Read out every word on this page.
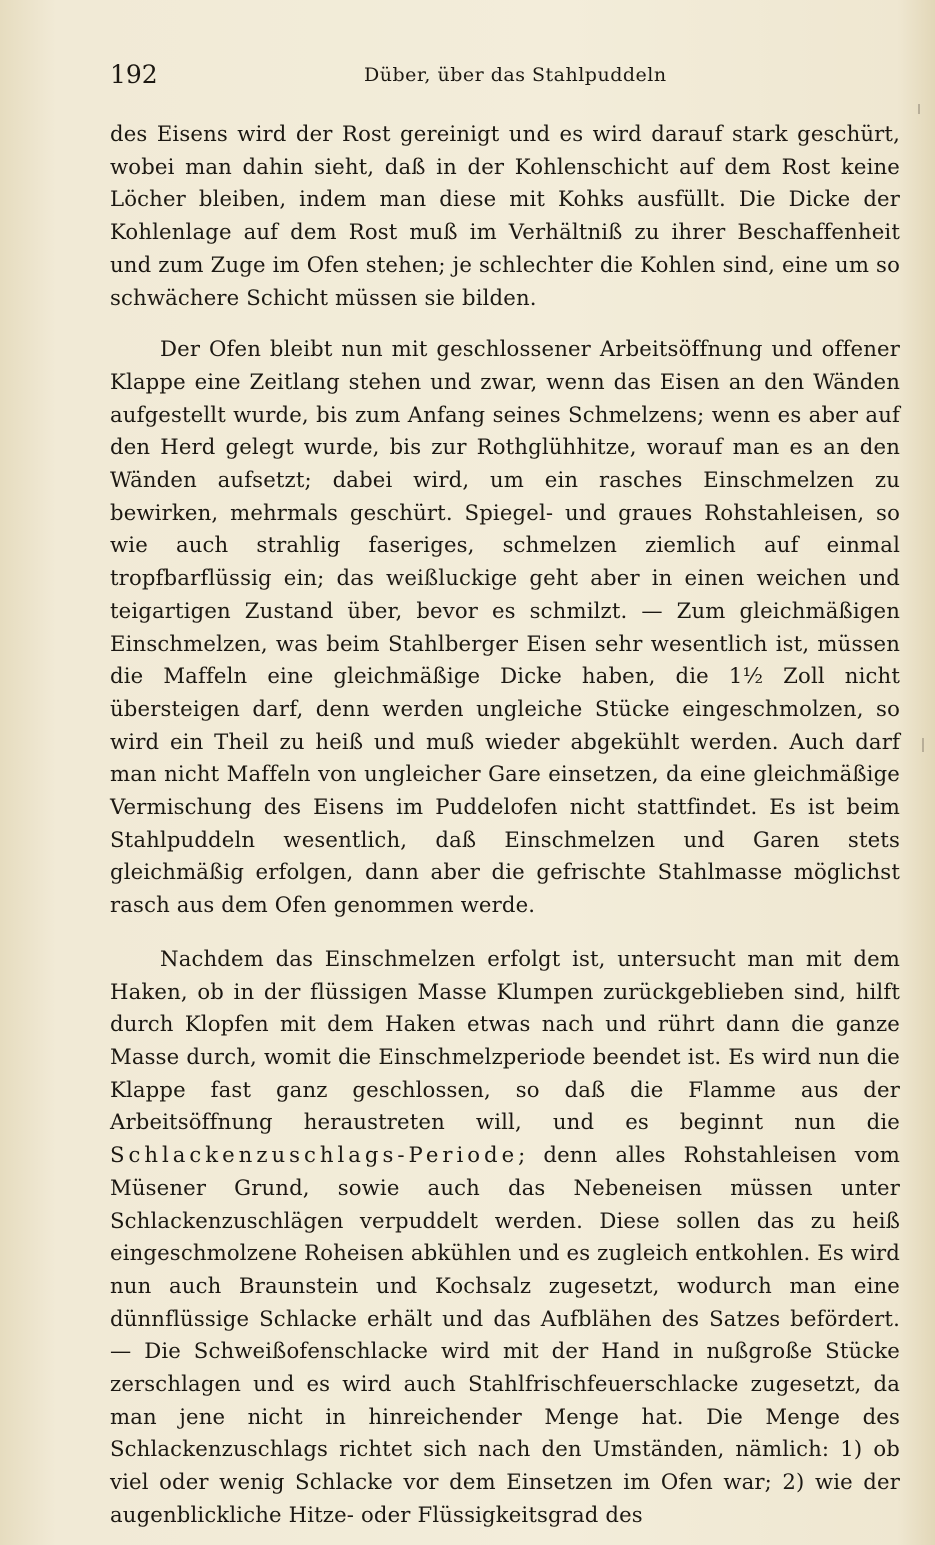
192	Düber, über das Stahlpuddeln

des Eisens wird der Rost gereinigt und es wird darauf stark geschürt, wobei man dahin sieht, daß in der Kohlenschicht auf dem Rost keine Löcher bleiben, indem man diese mit Kohks ausfüllt. Die Dicke der Kohlenlage auf dem Rost muß im Verhältniß zu ihrer Beschaffenheit und zum Zuge im Ofen stehen; je schlechter die Kohlen sind, eine um so schwächere Schicht müssen sie bilden.

Der Ofen bleibt nun mit geschlossener Arbeitsöffnung und offener Klappe eine Zeitlang stehen und zwar, wenn das Eisen an den Wänden aufgestellt wurde, bis zum Anfang seines Schmelzens; wenn es aber auf den Herd gelegt wurde, bis zur Rothglühhitze, worauf man es an den Wänden aufsetzt; dabei wird, um ein rasches Einschmelzen zu bewirken, mehrmals geschürt. Spiegel- und graues Rohstahleisen, so wie auch strahlig faseriges, schmelzen ziemlich auf einmal tropfbarflüssig ein; das weißluckige geht aber in einen weichen und teigartigen Zustand über, bevor es schmilzt. — Zum gleichmäßigen Einschmelzen, was beim Stahlberger Eisen sehr wesentlich ist, müssen die Maffeln eine gleichmäßige Dicke haben, die 1½ Zoll nicht übersteigen darf, denn werden ungleiche Stücke eingeschmolzen, so wird ein Theil zu heiß und muß wieder abgekühlt werden. Auch darf man nicht Maffeln von ungleicher Gare einsetzen, da eine gleichmäßige Vermischung des Eisens im Puddelofen nicht stattfindet. Es ist beim Stahlpuddeln wesentlich, daß Einschmelzen und Garen stets gleichmäßig erfolgen, dann aber die gefrischte Stahlmasse möglichst rasch aus dem Ofen genommen werde.

Nachdem das Einschmelzen erfolgt ist, untersucht man mit dem Haken, ob in der flüssigen Masse Klumpen zurückgeblieben sind, hilft durch Klopfen mit dem Haken etwas nach und rührt dann die ganze Masse durch, womit die Einschmelzperiode beendet ist. Es wird nun die Klappe fast ganz geschlossen, so daß die Flamme aus der Arbeitsöffnung heraustreten will, und es beginnt nun die Schlackenzuschlags-Periode; denn alles Rohstahleisen vom Müsener Grund, sowie auch das Nebeneisen müssen unter Schlackenzuschlägen verpuddelt werden. Diese sollen das zu heiß eingeschmolzene Roheisen abkühlen und es zugleich entkohlen. Es wird nun auch Braunstein und Kochsalz zugesetzt, wodurch man eine dünnflüssige Schlacke erhält und das Aufblähen des Satzes befördert. — Die Schweißofenschlacke wird mit der Hand in nußgroße Stücke zerschlagen und es wird auch Stahlfrischfeuerschlacke zugesetzt, da man jene nicht in hinreichender Menge hat. Die Menge des Schlackenzuschlags richtet sich nach den Umständen, nämlich: 1) ob viel oder wenig Schlacke vor dem Einsetzen im Ofen war; 2) wie der augenblickliche Hitze- oder Flüssigkeitsgrad des
